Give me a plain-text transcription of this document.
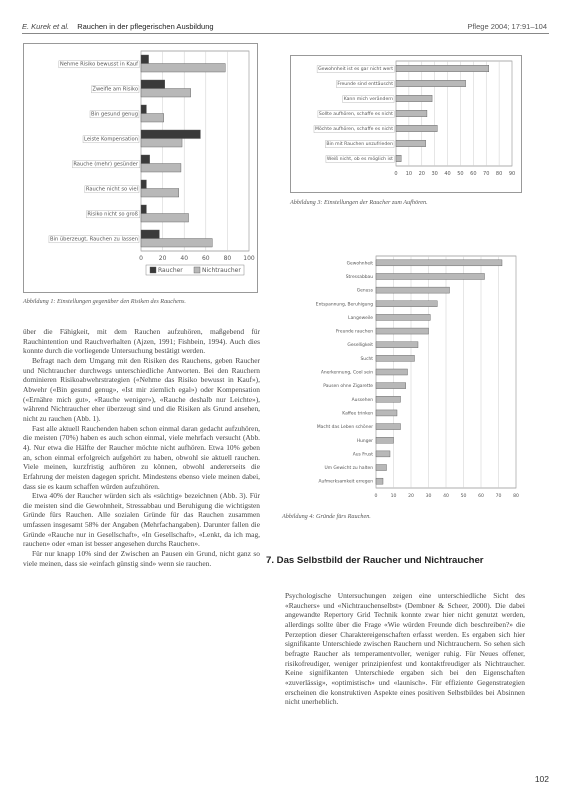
E. Kurek et al. Rauchen in der pflegerischen Ausbildung	Pflege 2004; 17:91–104
0	20 40 60 80 100
Nehme Risiko bewusst in Kauf
Zweifle am Risiko
Bin gesund genug
Leiste Kompensation
Rauche (mehr) gesünder
Rauche nicht so viel
Risiko nicht so groß
Bin überzeugt, Rauchen zu lassen
Raucher	Nichtraucher
Abbildung 1: Einstellungen gegenüber den Risiken des Rauchens.
0 10 20 30 40 50 60 70 80 90
Gewohnheit ist es gar nicht wert
Freunde sind enttäuscht
Kann mich verändern
Sollte aufhören, schaffe es nicht
Möchte aufhören, schaffe es nicht
Bin mit Rauchen unzufrieden
Weiß nicht, ob es möglich ist
Abbildung 3: Einstellungen der Raucher zum Aufhören.
0	10	20	30	40	50	60	70	80
Gewohnheit
Stressabbau
Genuss
Entspannung, Beruhigung
Langeweile
Freunde rauchen
Geselligkeit
Sucht
Anerkennung, Cool sein
Pausen ohne Zigarette
Aussehen
Kaffee trinken
Macht das Leben schöner
Hunger
Aus Frust
Um Gewicht zu halten
Aufmerksamkeit erregen
Abbildung 4: Gründe fürs Rauchen.

über die Fähigkeit, mit dem Rauchen aufzuhören, maßgebend für Rauchintention und Rauchverhalten (Ajzen, 1991; Fishbein, 1994). Auch dies konnte durch die vorliegende Untersuchung bestätigt werden.

Befragt nach dem Umgang mit den Risiken des Rauchens, geben Raucher und Nichtraucher durchwegs unterschiedliche Antworten. Bei den Rauchern dominieren Risikoabwehrstrategien («Nehme das Risiko bewusst in Kauf»), Abwehr («Bin gesund genug», «Ist mir ziemlich egal») oder Kompensation («Ernähre mich gut», «Rauche weniger»), «Rauche deshalb nur Leichte»), während Nichtraucher eher überzeugt sind und die Risiken als Grund ansehen, nicht zu rauchen (Abb. 1).

Fast alle aktuell Rauchenden haben schon einmal daran gedacht aufzuhören, die meisten (70%) haben es auch schon einmal, viele mehrfach versucht (Abb. 4). Nur etwa die Hälfte der Raucher möchte nicht aufhören. Etwa 10% geben an, schon einmal erfolgreich aufgehört zu haben, obwohl sie aktuell rauchen. Viele meinen, kurzfristig aufhören zu können, obwohl andererseits die Erfahrung der meisten dagegen spricht. Mindestens ebenso viele meinen dabei, dass sie es kaum schaffen würden aufzuhören.

Etwa 40% der Raucher würden sich als «süchtig» bezeichnen (Abb. 3). Für die meisten sind die Gewohnheit, Stressabbau und Beruhigung die wichtigsten Gründe fürs Rauchen. Alle sozialen Gründe für das Rauchen zusammen umfassen insgesamt 58% der Angaben (Mehrfachangaben). Darunter fallen die Gründe «Rauche nur in Gesellschaft», «In Gesellschaft», «Lenkt, da ich mag, rauchen» oder «man ist besser angesehen durchs Rauchen».

Für nur knapp 10% sind der Zwischen an Pausen ein Grund, nicht ganz so viele meinen, dass sie «einfach günstig sind» wenn sie rauchen.	7. Das Selbstbild der Raucher und Nichtraucher

Psychologische Untersuchungen zeigen eine unterschiedliche Sicht des «Rauchers» und «Nichtrauchenselbst» (Dembner & Scheer, 2000). Die dabei angewandte Repertory Grid Technik konnte zwar hier nicht genutzt werden, allerdings sollte über die Frage «Wie würden Freunde dich beschreiben?» die Perzeption dieser Charaktereigenschaften erfasst werden. Es ergaben sich hier signifikante Unterschiede zwischen Rauchern und Nichtrauchern. So sehen sich befragte Raucher als temperamentvoller, weniger ruhig. Für Neues offener, risikofreudiger, weniger prinzipienfest und kontaktfreudiger als Nichtraucher. Keine signifikanten Unterschiede ergaben sich bei den Eigenschaften «zuverlässig», «optimistisch» und «launisch». Für effiziente Gegenstrategien erscheinen die konstruktiven Aspekte eines positiven Selbstbildes bei Absinnen nicht unerheblich.

102
